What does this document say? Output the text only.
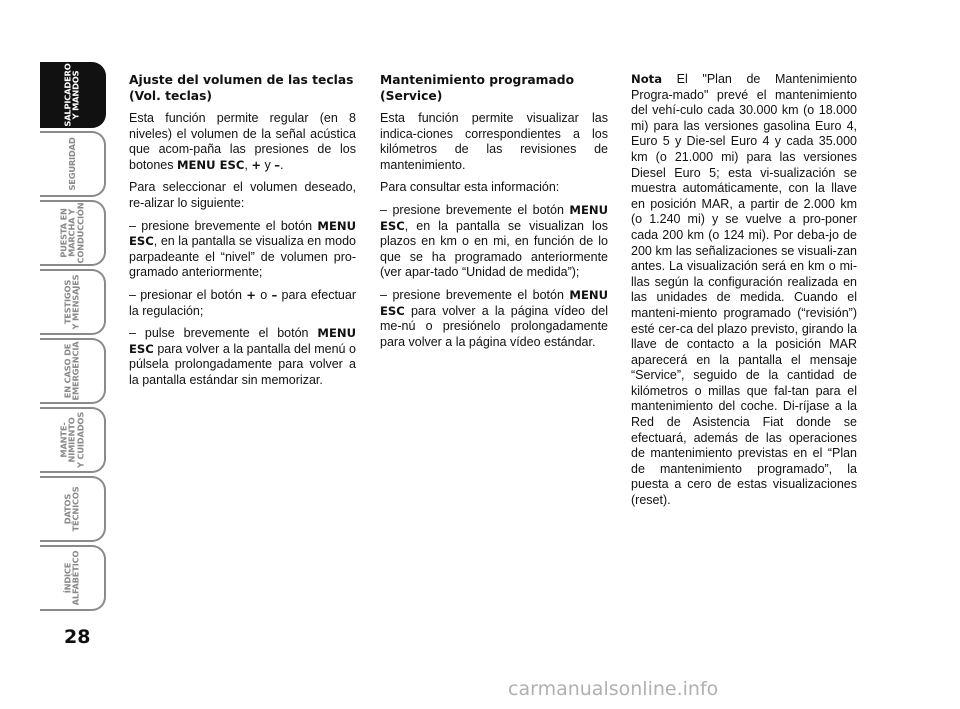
SALPICADERO
Y MANDOS
SEGURIDAD
PUESTA EN
MARCHA Y
CONDUCCIÓN
TESTIGOS
Y MENSAJES
EN CASO DE
EMERGENCIA
MANTE-
NIMIENTO
Y CUIDADOS
DATOS
TÉCNICOS
ÍNDICE
ALFABÉTICO
28
Ajuste del volumen de las teclas (Vol. teclas)

Esta función permite regular (en 8 niveles) el volumen de la señal acústica que acom-paña las presiones de los botones MENU ESC, + y –.

Para seleccionar el volumen deseado, re-alizar lo siguiente:

– presione brevemente el botón MENU ESC, en la pantalla se visualiza en modo parpadeante el “nivel” de volumen pro-gramado anteriormente;

– presionar el botón + o – para efectuar la regulación;

– pulse brevemente el botón MENU ESC para volver a la pantalla del menú o púlsela prolongadamente para volver a la pantalla estándar sin memorizar.

Mantenimiento programado (Service)

Esta función permite visualizar las indica-ciones correspondientes a los kilómetros de las revisiones de mantenimiento.

Para consultar esta información:

– presione brevemente el botón MENU ESC, en la pantalla se visualizan los plazos en km o en mi, en función de lo que se ha programado anteriormente (ver apar-tado “Unidad de medida”);

– presione brevemente el botón MENU ESC para volver a la página vídeo del me-nú o presiónelo prolongadamente para volver a la página vídeo estándar.

Nota El "Plan de Mantenimiento Progra-mado" prevé el mantenimiento del vehí-culo cada 30.000 km (o 18.000 mi) para las versiones gasolina Euro 4, Euro 5 y Die-sel Euro 4 y cada 35.000 km (o 21.000 mi) para las versiones Diesel Euro 5; esta vi-sualización se muestra automáticamente, con la llave en posición MAR, a partir de 2.000 km (o 1.240 mi) y se vuelve a pro-poner cada 200 km (o 124 mi). Por deba-jo de 200 km las señalizaciones se visuali-zan antes. La visualización será en km o mi-llas según la configuración realizada en las unidades de medida. Cuando el manteni-miento programado (“revisión”) esté cer-ca del plazo previsto, girando la llave de contacto a la posición MAR aparecerá en la pantalla el mensaje “Service”, seguido de la cantidad de kilómetros o millas que fal-tan para el mantenimiento del coche. Di-ríjase a la Red de Asistencia Fiat donde se efectuará, además de las operaciones de mantenimiento previstas en el “Plan de mantenimiento programado”, la puesta a cero de estas visualizaciones (reset).

carmanualsonline.info
